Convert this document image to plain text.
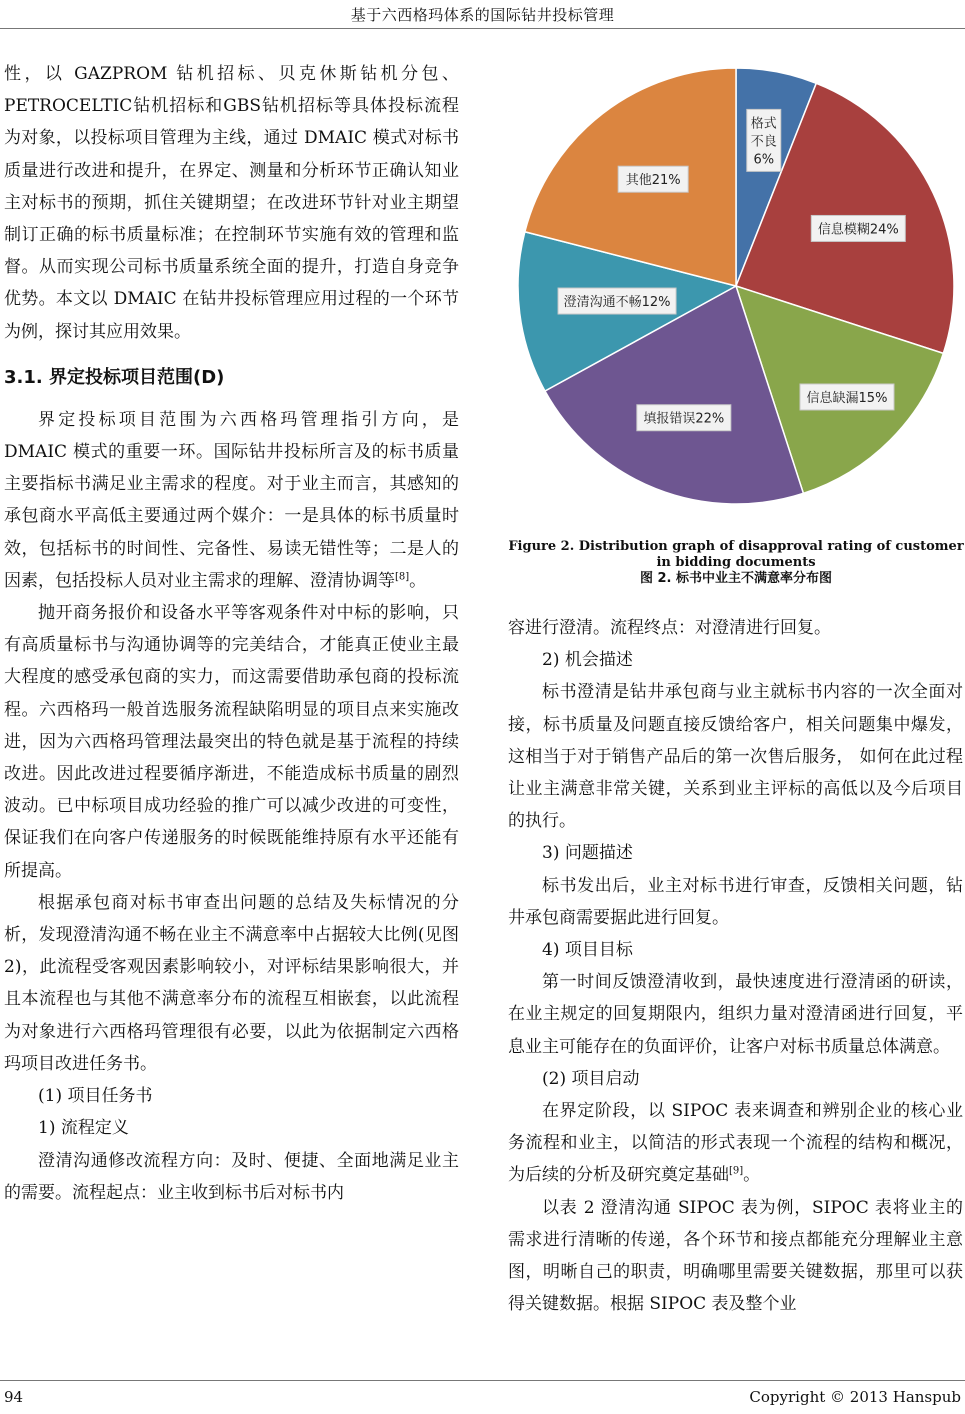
基于六西格玛体系的国际钻井投标管理

性，以 GAZPROM 钻机招标、贝克休斯钻机分包、PETROCELTIC钻机招标和GBS钻机招标等具体投标流程为对象，以投标项目管理为主线，通过 DMAIC 模式对标书质量进行改进和提升，在界定、测量和分析环节正确认知业主对标书的预期，抓住关键期望；在改进环节针对业主期望制订正确的标书质量标准；在控制环节实施有效的管理和监督。从而实现公司标书质量系统全面的提升，打造自身竞争优势。本文以 DMAIC 在钻井投标管理应用过程的一个环节为例，探讨其应用效果。

3.1. 界定投标项目范围(D)

界定投标项目范围为六西格玛管理指引方向，是 DMAIC 模式的重要一环。国际钻井投标所言及的标书质量主要指标书满足业主需求的程度。对于业主而言，其感知的承包商水平高低主要通过两个媒介：一是具体的标书质量时效，包括标书的时间性、完备性、易读无错性等；二是人的因素，包括投标人员对业主需求的理解、澄清协调等[8]。

抛开商务报价和设备水平等客观条件对中标的影响，只有高质量标书与沟通协调等的完美结合，才能真正使业主最大程度的感受承包商的实力，而这需要借助承包商的投标流程。六西格玛一般首选服务流程缺陷明显的项目点来实施改进，因为六西格玛管理法最突出的特色就是基于流程的持续改进。因此改进过程要循序渐进，不能造成标书质量的剧烈波动。已中标项目成功经验的推广可以减少改进的可变性，保证我们在向客户传递服务的时候既能维持原有水平还能有所提高。

根据承包商对标书审查出问题的总结及失标情况的分析，发现澄清沟通不畅在业主不满意率中占据较大比例(见图 2)，此流程受客观因素影响较小，对评标结果影响很大，并且本流程也与其他不满意率分布的流程互相嵌套，以此流程为对象进行六西格玛管理很有必要，以此为依据制定六西格玛项目改进任务书。

(1) 项目任务书

1) 流程定义

澄清沟通修改流程方向：及时、便捷、全面地满足业主的需要。流程起点：业主收到标书后对标书内

格式
不良
6%
信息模糊24%
信息缺漏15%
填报错误22%
澄清沟通不畅12%
其他21%
Figure 2. Distribution graph of disapproval rating of customer in bidding documents
图 2. 标书中业主不满意率分布图

容进行澄清。流程终点：对澄清进行回复。

2) 机会描述

标书澄清是钻井承包商与业主就标书内容的一次全面对接，标书质量及问题直接反馈给客户，相关问题集中爆发，这相当于对于销售产品后的第一次售后服务， 如何在此过程让业主满意非常关键，关系到业主评标的高低以及今后项目的执行。

3) 问题描述

标书发出后，业主对标书进行审查，反馈相关问题，钻井承包商需要据此进行回复。

4) 项目目标

第一时间反馈澄清收到，最快速度进行澄清函的研读，在业主规定的回复期限内，组织力量对澄清函进行回复，平息业主可能存在的负面评价，让客户对标书质量总体满意。

(2) 项目启动

在界定阶段，以 SIPOC 表来调查和辨别企业的核心业务流程和业主，以简洁的形式表现一个流程的结构和概况，为后续的分析及研究奠定基础[9]。

以表 2 澄清沟通 SIPOC 表为例，SIPOC 表将业主的需求进行清晰的传递，各个环节和接点都能充分理解业主意图，明晰自己的职责，明确哪里需要关键数据，那里可以获得关键数据。根据 SIPOC 表及整个业

94	Copyright © 2013 Hanspub
